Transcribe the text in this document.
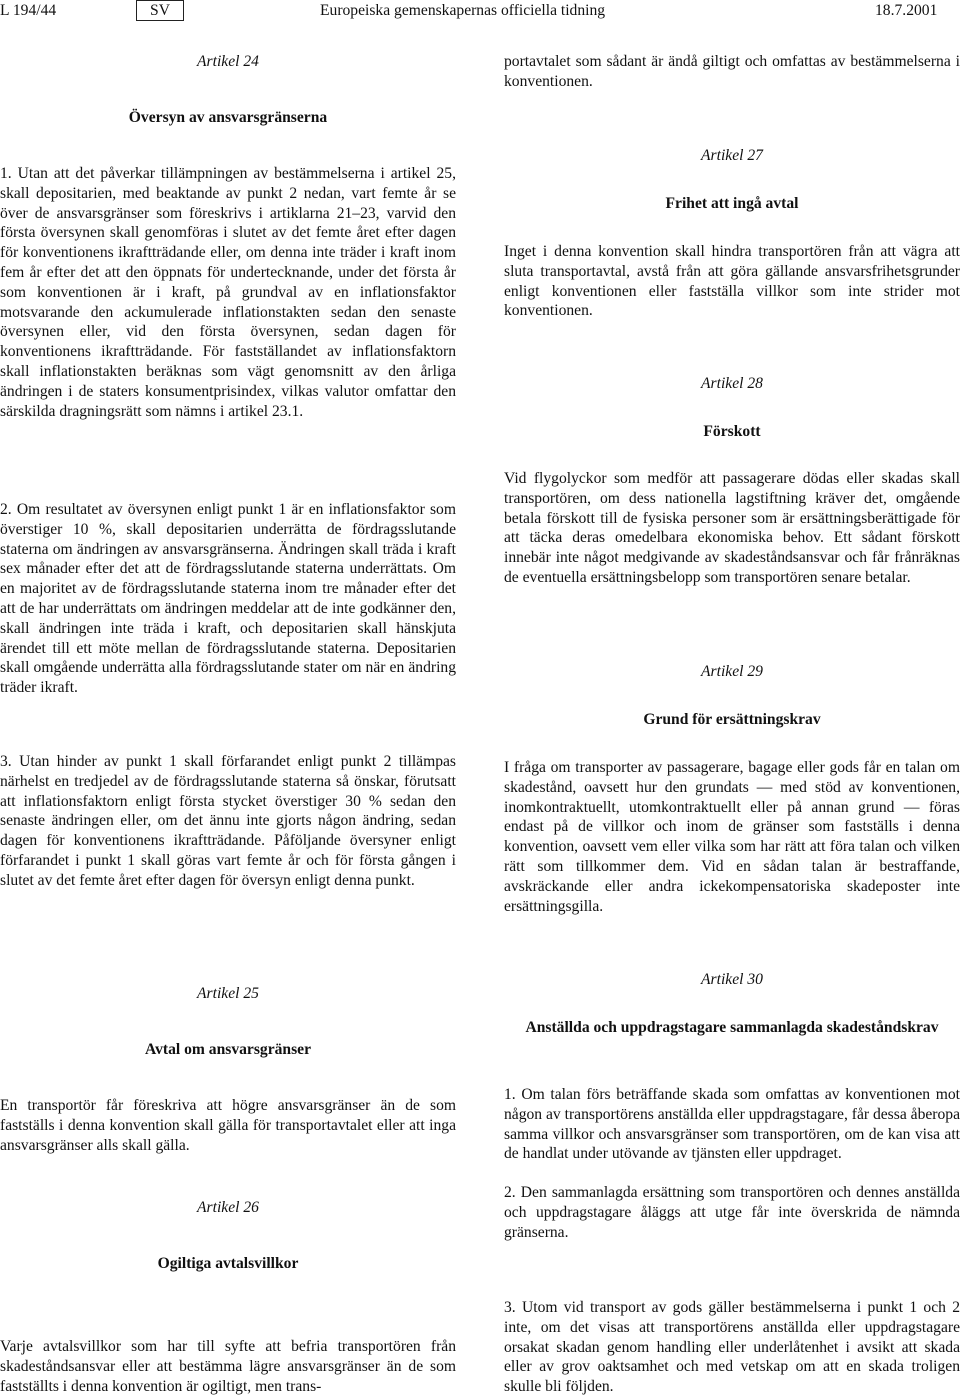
L 194/44	SV	Europeiska gemenskapernas officiella tidning	18.7.2001
Artikel 24
Översyn av ansvarsgränserna

1. Utan att det påverkar tillämpningen av bestämmelserna i artikel 25, skall depositarien, med beaktande av punkt 2 nedan, vart femte år se över de ansvarsgränser som föreskrivs i artiklarna 21–23, varvid den första översynen skall genomföras i slutet av det femte året efter dagen för konventionens ikraftträdande eller, om denna inte träder i kraft inom fem år efter det att den öppnats för undertecknande, under det första år som konventionen är i kraft, på grundval av en inflationsfaktor motsvarande den ackumulerade inflationstakten sedan den senaste översynen eller, vid den första översynen, sedan dagen för konventionens ikraftträdande. För fastställandet av inflationsfaktorn skall inflationstakten beräknas som vägt genomsnitt av den årliga ändringen i de staters konsumentprisindex, vilkas valutor omfattar den särskilda dragningsrätt som nämns i artikel 23.1.

2. Om resultatet av översynen enligt punkt 1 är en inflationsfaktor som överstiger 10 %, skall depositarien underrätta de fördragsslutande staterna om ändringen av ansvarsgränserna. Ändringen skall träda i kraft sex månader efter det att de fördragsslutande staterna underrättats. Om en majoritet av de fördragsslutande staterna inom tre månader efter det att de har underrättats om ändringen meddelar att de inte godkänner den, skall ändringen inte träda i kraft, och depositarien skall hänskjuta ärendet till ett möte mellan de fördragsslutande staterna. Depositarien skall omgående underrätta alla fördragsslutande stater om när en ändring träder ikraft.

3. Utan hinder av punkt 1 skall förfarandet enligt punkt 2 tillämpas närhelst en tredjedel av de fördragsslutande staterna så önskar, förutsatt att inflationsfaktorn enligt första stycket överstiger 30 % sedan den senaste ändringen eller, om det ännu inte gjorts någon ändring, sedan dagen för konventionens ikraftträdande. Påföljande översyner enligt förfarandet i punkt 1 skall göras vart femte år och för första gången i slutet av det femte året efter dagen för översyn enligt denna punkt.

Artikel 25
Avtal om ansvarsgränser

En transportör får föreskriva att högre ansvarsgränser än de som fastställs i denna konvention skall gälla för transportavtalet eller att inga ansvarsgränser alls skall gälla.

Artikel 26
Ogiltiga avtalsvillkor

Varje avtalsvillkor som har till syfte att befria transportören från skadeståndsansvar eller att bestämma lägre ansvarsgränser än de som fastställts i denna konvention är ogiltigt, men trans-

portavtalet som sådant är ändå giltigt och omfattas av bestämmelserna i konventionen.

Artikel 27
Frihet att ingå avtal

Inget i denna konvention skall hindra transportören från att vägra att sluta transportavtal, avstå från att göra gällande ansvarsfrihetsgrunder enligt konventionen eller fastställa villkor som inte strider mot konventionen.

Artikel 28
Förskott

Vid flygolyckor som medför att passagerare dödas eller skadas skall transportören, om dess nationella lagstiftning kräver det, omgående betala förskott till de fysiska personer som är ersättningsberättigade för att täcka deras omedelbara ekonomiska behov. Ett sådant förskott innebär inte något medgivande av skadeståndsansvar och får frånräknas de eventuella ersättningsbelopp som transportören senare betalar.

Artikel 29
Grund för ersättningskrav

I fråga om transporter av passagerare, bagage eller gods får en talan om skadestånd, oavsett hur den grundats — med stöd av konventionen, inomkontraktuellt, utomkontraktuellt eller på annan grund — föras endast på de villkor och inom de gränser som fastställs i denna konvention, oavsett vem eller vilka som har rätt att föra talan och vilken rätt som tillkommer dem. Vid en sådan talan är bestraffande, avskräckande eller andra ickekompensatoriska skadeposter inte ersättningsgilla.

Artikel 30
Anställda och uppdragstagare sammanlagda skadeståndskrav

1. Om talan förs beträffande skada som omfattas av konventionen mot någon av transportörens anställda eller uppdragstagare, får dessa åberopa samma villkor och ansvarsgränser som transportören, om de kan visa att de handlat under utövande av tjänsten eller uppdraget.

2. Den sammanlagda ersättning som transportören och dennes anställda och uppdragstagare åläggs att utge får inte överskrida de nämnda gränserna.

3. Utom vid transport av gods gäller bestämmelserna i punkt 1 och 2 inte, om det visas att transportörens anställda eller uppdragstagare orsakat skadan genom handling eller underlåtenhet i avsikt att skada eller av grov oaktsamhet och med vetskap om att en skada troligen skulle bli följden.
